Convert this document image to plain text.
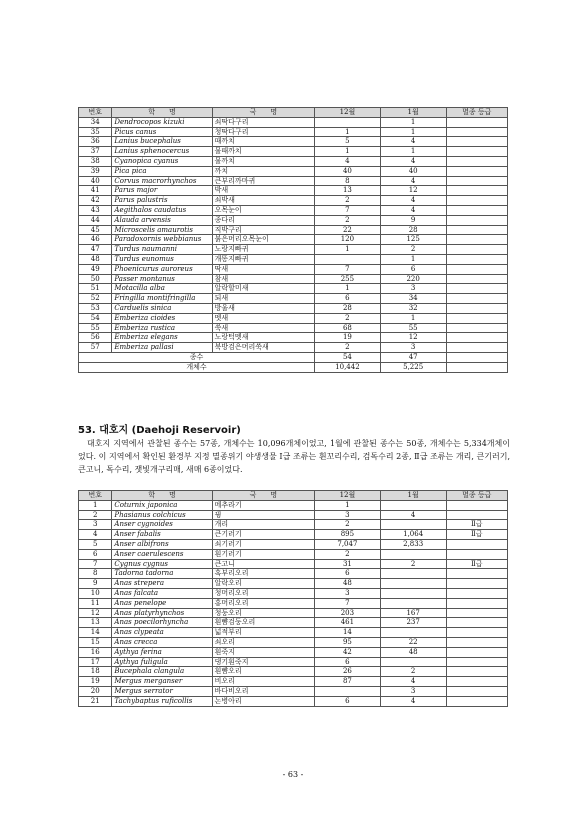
번호	학　　명	국　　명	12월	1월	멸종 등급
34	Dendrocopos kizuki	쇠딱다구리		1	
35	Picus canus	청딱다구리	1	1	
36	Lanius bucephalus	때까치	5	4	
37	Lanius sphenocercus	물때까치	1	1	
38	Cyanopica cyanus	물까치	4	4	
39	Pica pica	까치	40	40	
40	Corvus macrorhynchos	큰부리까마귀	8	4	
41	Parus major	박새	13	12	
42	Parus palustris	쇠박새	2	4	
43	Aegithalos caudatus	오목눈이	7	4	
44	Alauda arvensis	종다리	2	9	
45	Microscelis amaurotis	직박구리	22	28	
46	Paradoxornis webbianus	붉은머리오목눈이	120	125	
47	Turdus naumanni	노랑지빠귀	1	2	
48	Turdus eunomus	개똥지빠귀		1	
49	Phoenicurus auroreus	딱새	7	6	
50	Passer montanus	참새	255	220	
51	Motacilla alba	알락할미새	1	3	
52	Fringilla montifringilla	되새	6	34	
53	Carduelis sinica	방울새	28	32	
54	Emberiza cioides	멧새	2	1	
55	Emberiza rustica	쑥새	68	55	
56	Emberiza elegans	노랑턱멧새	19	12	
57	Emberiza pallasi	북방검은머리쑥새	2	3	
종수			54	47	
개체수			10,442	5,225	
53. 대호지 (Daehoji Reservoir)

대호지 지역에서 관찰된 종수는 57종, 개체수는 10,096개체이었고, 1월에 관찰된 종수는 50종, 개체수는 5,334개체이었다. 이 지역에서 확인된 환경부 지정 멸종위기 야생생물 Ⅰ급 조류는 흰꼬리수리, 검독수리 2종, Ⅱ급 조류는 개리, 큰기러기, 큰고니, 독수리, 잿빛개구리매, 새매 6종이었다.

번호	학　　명	국　　명	12월	1월	멸종 등급
1	Coturnix japonica	메추라기	1		
2	Phasianus colchicus	꿩	3	4	
3	Anser cygnoides	개리	2		Ⅱ급
4	Anser fabalis	큰기러기	895	1,064	Ⅱ급
5	Anser albifrons	쇠기러기	7,047	2,833	
6	Anser caerulescens	흰기러기	2		
7	Cygnus cygnus	큰고니	31	2	Ⅱ급
8	Tadorna tadorna	혹부리오리	6		
9	Anas strepera	알락오리	48		
10	Anas falcata	청머리오리	3		
11	Anas penelope	홍머리오리	7		
12	Anas platyrhynchos	청둥오리	203	167	
13	Anas poecilorhyncha	흰뺨검둥오리	461	237	
14	Anas clypeata	넓적부리	14		
15	Anas crecca	쇠오리	95	22	
16	Aythya ferina	흰죽지	42	48	
17	Aythya fuligula	댕기흰죽지	6		
18	Bucephala clangula	흰뺨오리	26	2	
19	Mergus merganser	비오리	87	4	
20	Mergus serrator	바다비오리		3	
21	Tachybaptus ruficollis	논병아리	6	4	
- 63 -
